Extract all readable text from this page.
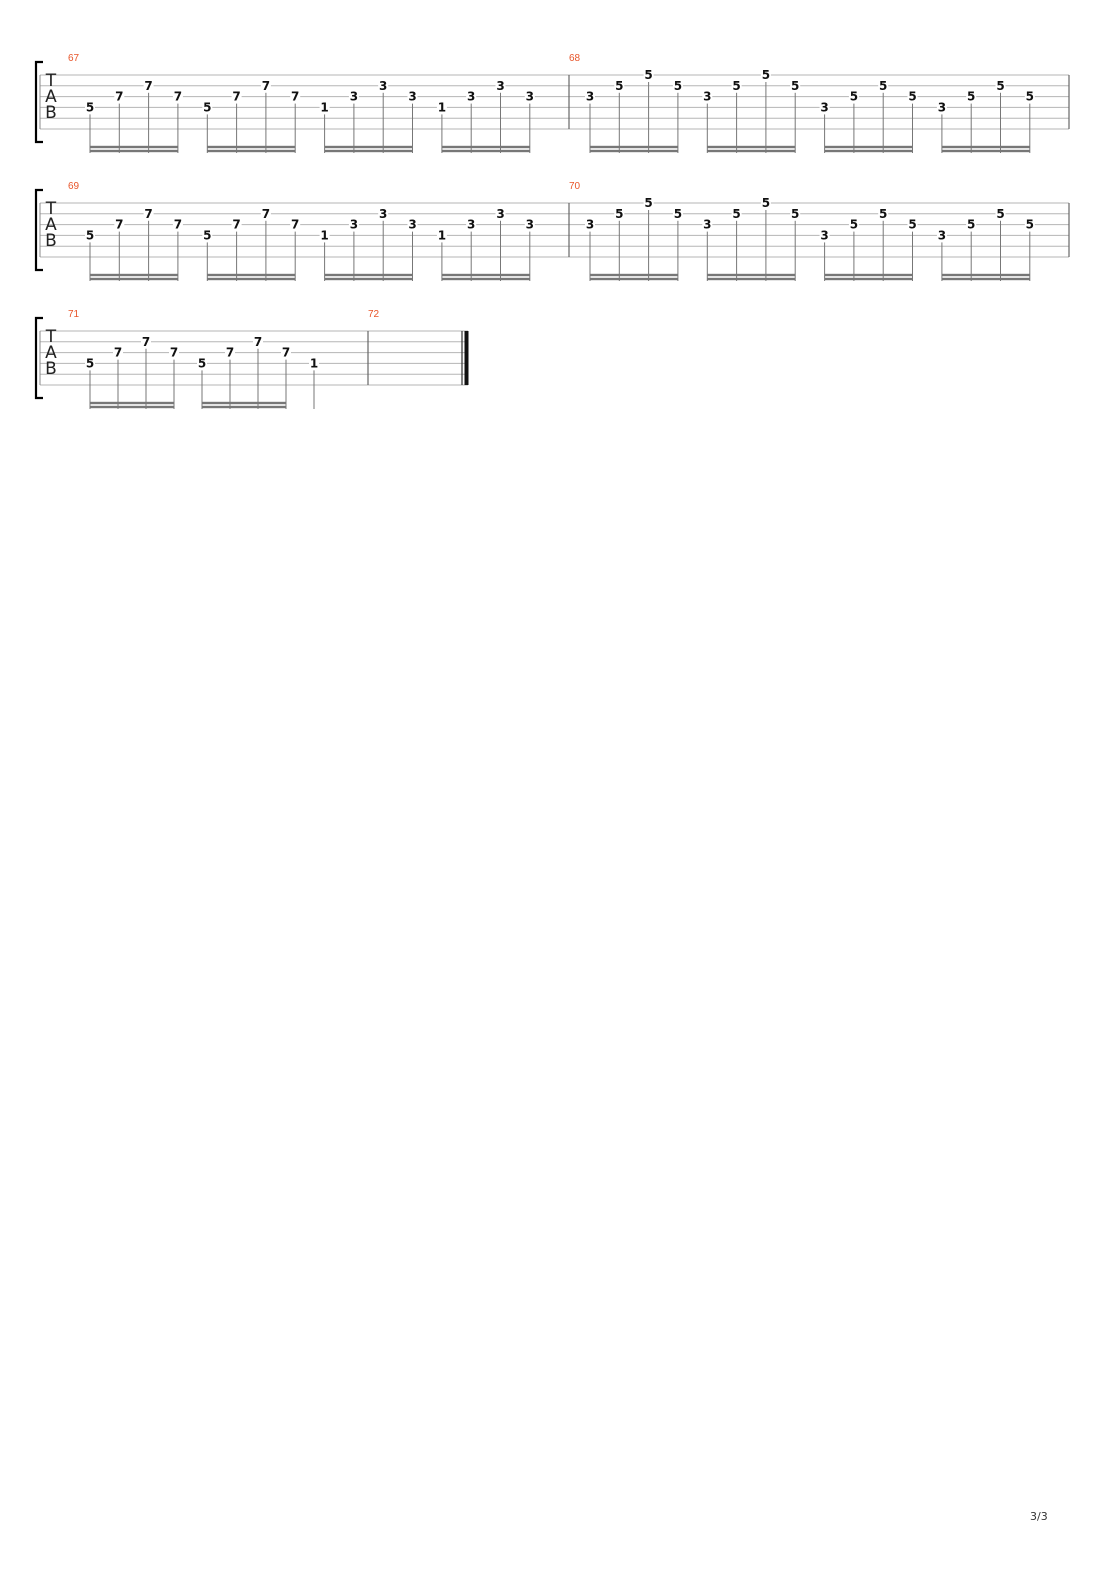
T
A
B
67
5
7
7
7
5
7
7
7
1
3
3
3
1
3
3
3
68
3
5
5
5
3
5
5
5
3
5
5
5
3
5
5
5
T
A
B
69
5
7
7
7
5
7
7
7
1
3
3
3
1
3
3
3
70
3
5
5
5
3
5
5
5
3
5
5
5
3
5
5
5
T
A
B
71
5
7
7
7
5
7
7
7
1
72
3/3
